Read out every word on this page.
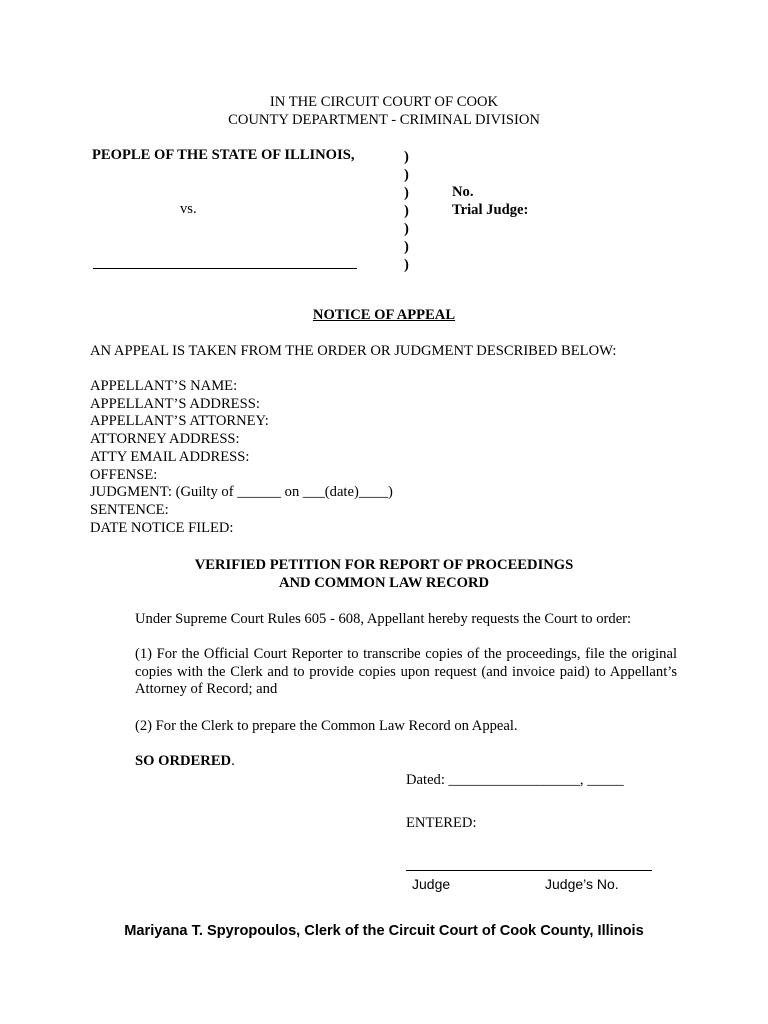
IN THE CIRCUIT COURT OF COOK
COUNTY DEPARTMENT - CRIMINAL DIVISION
PEOPLE OF THE STATE OF ILLINOIS,
vs.
)
)
)
)
)
)
)
No.
Trial Judge:
NOTICE OF APPEAL
AN APPEAL IS TAKEN FROM THE ORDER OR JUDGMENT DESCRIBED BELOW:
APPELLANT’S NAME:
APPELLANT’S ADDRESS:
APPELLANT’S ATTORNEY:
ATTORNEY ADDRESS:
ATTY EMAIL ADDRESS:
OFFENSE:
JUDGMENT: (Guilty of ______ on ___(date)____)
SENTENCE:
DATE NOTICE FILED:
VERIFIED PETITION FOR REPORT OF PROCEEDINGS
AND COMMON LAW RECORD
Under Supreme Court Rules 605 - 608, Appellant hereby requests the Court to order:
(1) For the Official Court Reporter to transcribe copies of the proceedings, file the original copies with the Clerk and to provide copies upon request (and invoice paid) to Appellant’s Attorney of Record; and
(2) For the Clerk to prepare the Common Law Record on Appeal.
SO ORDERED.
Dated: __________________, _____
ENTERED:
Judge	Judge’s No.
Mariyana T. Spyropoulos, Clerk of the Circuit Court of Cook County, Illinois
